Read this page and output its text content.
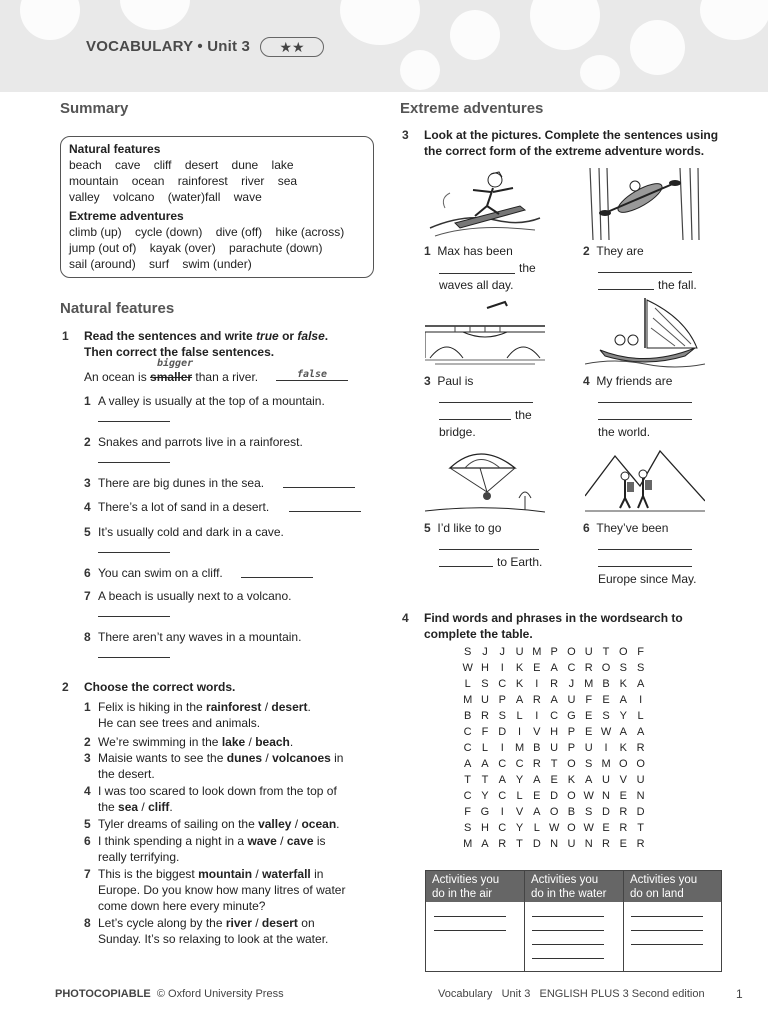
VOCABULARY • Unit 3	★★
Summary
Natural features
beach    cave    cliff    desert    dune    lake
mountain    ocean    rainforest    river    sea
valley    volcano    (water)fall    wave
Extreme adventures
climb (up)    cycle (down)    dive (off)    hike (across)
jump (out of)    kayak (over)    parachute (down)
sail (around)    surf    swim (under)
Natural features
1 Read the sentences and write true or false.
Then correct the false sentences.
bigger
An ocean is smaller than a river.	false
1 A valley is usually at the top of a mountain.
2 Snakes and parrots live in a rainforest.
3 There are big dunes in the sea.
4 There’s a lot of sand in a desert.
5 It’s usually cold and dark in a cave.
6 You can swim on a cliff.
7 A beach is usually next to a volcano.
8 There aren’t any waves in a mountain.
2 Choose the correct words.
1 Felix is hiking in the rainforest / desert.
He can see trees and animals.
2 We’re swimming in the lake / beach.
3 Maisie wants to see the dunes / volcanoes in
the desert.
4 I was too scared to look down from the top of
the sea / cliff.
5 Tyler dreams of sailing on the valley / ocean.
6 I think spending a night in a wave / cave is
really terrifying.
7 This is the biggest mountain / waterfall in
Europe. Do you know how many litres of water
come down here every minute?
8 Let’s cycle along by the river / desert on
Sunday. It’s so relaxing to look at the water.
Extreme adventures
3 Look at the pictures. Complete the sentences using
the correct form of the extreme adventure words.
1 Max has been
the
waves all day.
2 They are
the fall.
3 Paul is
the
bridge.
4 My friends are
the world.
5 I’d like to go
to Earth.
6 They’ve been
Europe since May.
4 Find words and phrases in the wordsearch to
complete the table.
S J J U M P O U T O F
W H I K E A C R O S S
L S C K I R J M B K A
M U P A R A U F E A I
B R S L I C G E S Y L
C F D I V H P E W A A
C L I M B U P U I K R
A A C C R T O S M O O
T T A Y A E K A U V U
C Y C L E D O W N E N
F G I V A O B S D R D
S H C Y L W O W E R T
M A R T D N U N R E R
Activities you
do in the air
Activities you
do in the water
Activities you
do on land
PHOTOCOPIABLE © Oxford University Press	Vocabulary   Unit 3   ENGLISH PLUS 3 Second edition	1
